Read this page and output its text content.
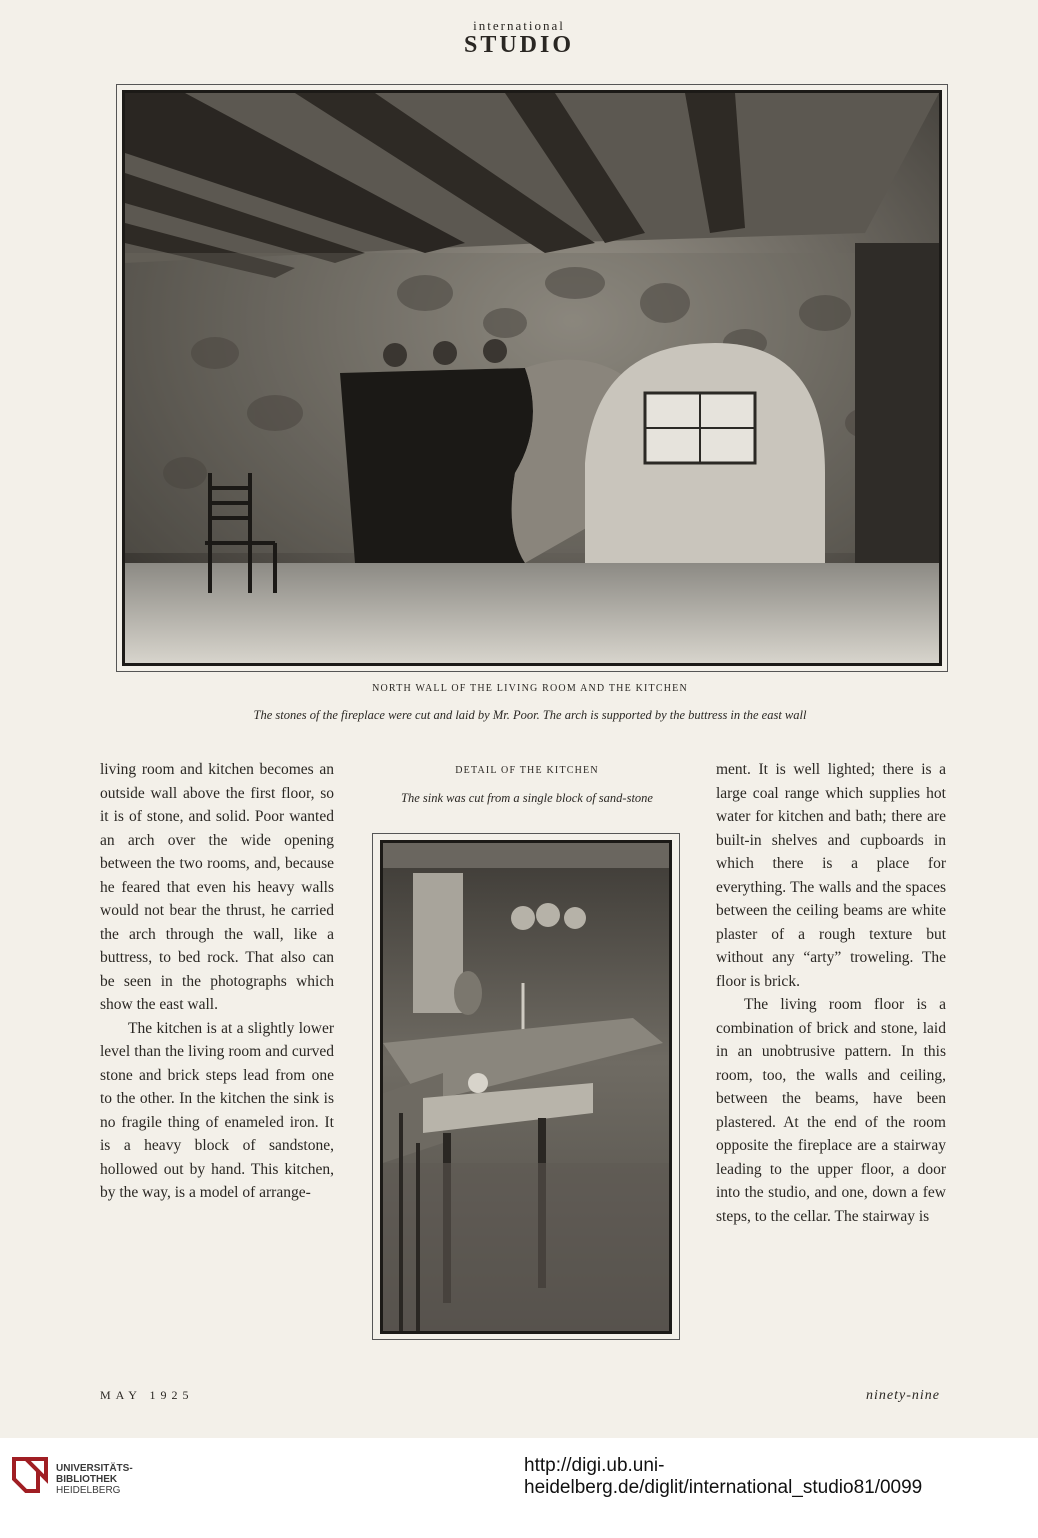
international
STUDIO
NORTH WALL OF THE LIVING ROOM AND THE KITCHEN
The stones of the fireplace were cut and laid by Mr. Poor. The arch is supported by the buttress in the east wall

living room and kitchen becomes an outside wall above the first floor, so it is of stone, and solid. Poor wanted an arch over the wide opening between the two rooms, and, because he feared that even his heavy walls would not bear the thrust, he carried the arch through the wall, like a buttress, to bed rock. That also can be seen in the photographs which show the east wall.

The kitchen is at a slightly lower level than the living room and curved stone and brick steps lead from one to the other. In the kitchen the sink is no fragile thing of enameled iron. It is a heavy block of sandstone, hollowed out by hand. This kitchen, by the way, is a model of arrange-

DETAIL OF THE KITCHEN
The sink was cut from a single block of sand-stone

ment. It is well lighted; there is a large coal range which supplies hot water for kitchen and bath; there are built-in shelves and cupboards in which there is a place for everything. The walls and the spaces between the ceiling beams are white plaster of a rough texture but without any “arty” troweling. The floor is brick.

The living room floor is a combination of brick and stone, laid in an unobtrusive pattern. In this room, too, the walls and ceiling, between the beams, have been plastered. At the end of the room opposite the fireplace are a stairway leading to the upper floor, a door into the studio, and one, down a few steps, to the cellar. The stairway is

MAY 1925	ninety-nine
UNIVERSITÄTS-
BIBLIOTHEK
HEIDELBERG
http://digi.ub.uni-heidelberg.de/diglit/international_studio81/0099
